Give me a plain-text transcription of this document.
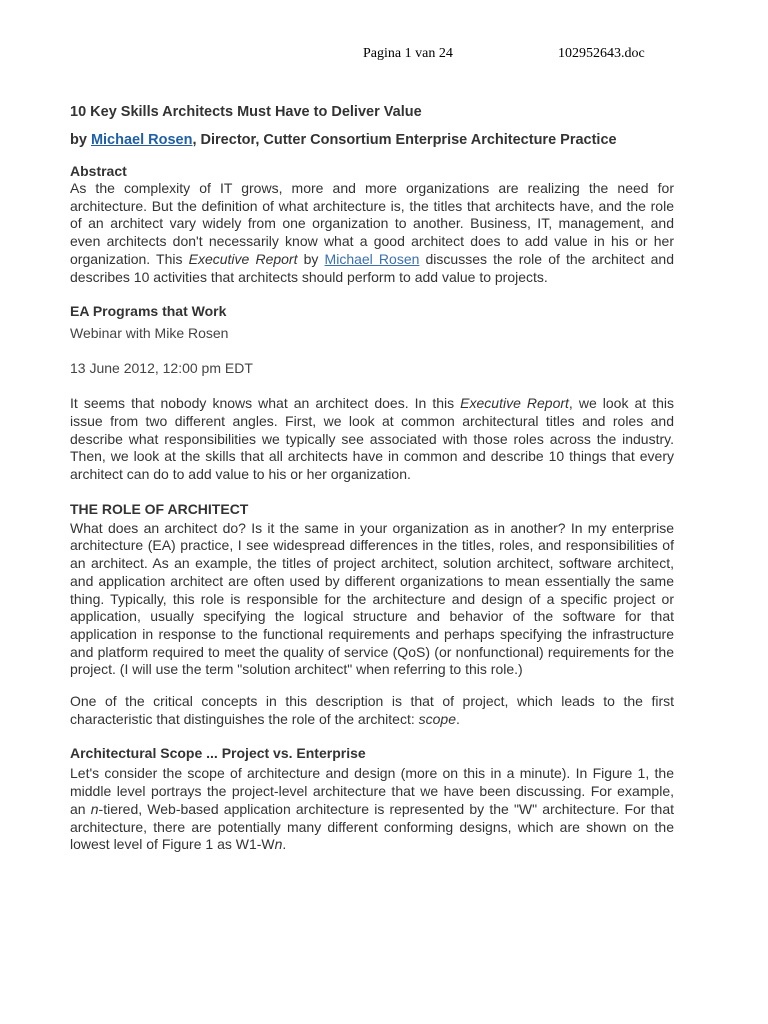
Pagina 1 van 24	102952643.doc
10 Key Skills Architects Must Have to Deliver Value
by Michael Rosen, Director, Cutter Consortium Enterprise Architecture Practice
Abstract

As the complexity of IT grows, more and more organizations are realizing the need for architecture. But the definition of what architecture is, the titles that architects have, and the role of an architect vary widely from one organization to another. Business, IT, management, and even architects don't necessarily know what a good architect does to add value in his or her organization. This Executive Report by Michael Rosen discusses the role of the architect and describes 10 activities that architects should perform to add value to projects.

EA Programs that Work
Webinar with Mike Rosen
13 June 2012, 12:00 pm EDT

It seems that nobody knows what an architect does. In this Executive Report, we look at this issue from two different angles. First, we look at common architectural titles and roles and describe what responsibilities we typically see associated with those roles across the industry. Then, we look at the skills that all architects have in common and describe 10 things that every architect can do to add value to his or her organization.

THE ROLE OF ARCHITECT

What does an architect do? Is it the same in your organization as in another? In my enterprise architecture (EA) practice, I see widespread differences in the titles, roles, and responsibilities of an architect. As an example, the titles of project architect, solution architect, software architect, and application architect are often used by different organizations to mean essentially the same thing. Typically, this role is responsible for the architecture and design of a specific project or application, usually specifying the logical structure and behavior of the software for that application in response to the functional requirements and perhaps specifying the infrastructure and platform required to meet the quality of service (QoS) (or nonfunctional) requirements for the project. (I will use the term "solution architect" when referring to this role.)

One of the critical concepts in this description is that of project, which leads to the first characteristic that distinguishes the role of the architect: scope.

Architectural Scope ... Project vs. Enterprise

Let's consider the scope of architecture and design (more on this in a minute). In Figure 1, the middle level portrays the project-level architecture that we have been discussing. For example, an n-tiered, Web-based application architecture is represented by the "W" architecture. For that architecture, there are potentially many different conforming designs, which are shown on the lowest level of Figure 1 as W1-Wn.
